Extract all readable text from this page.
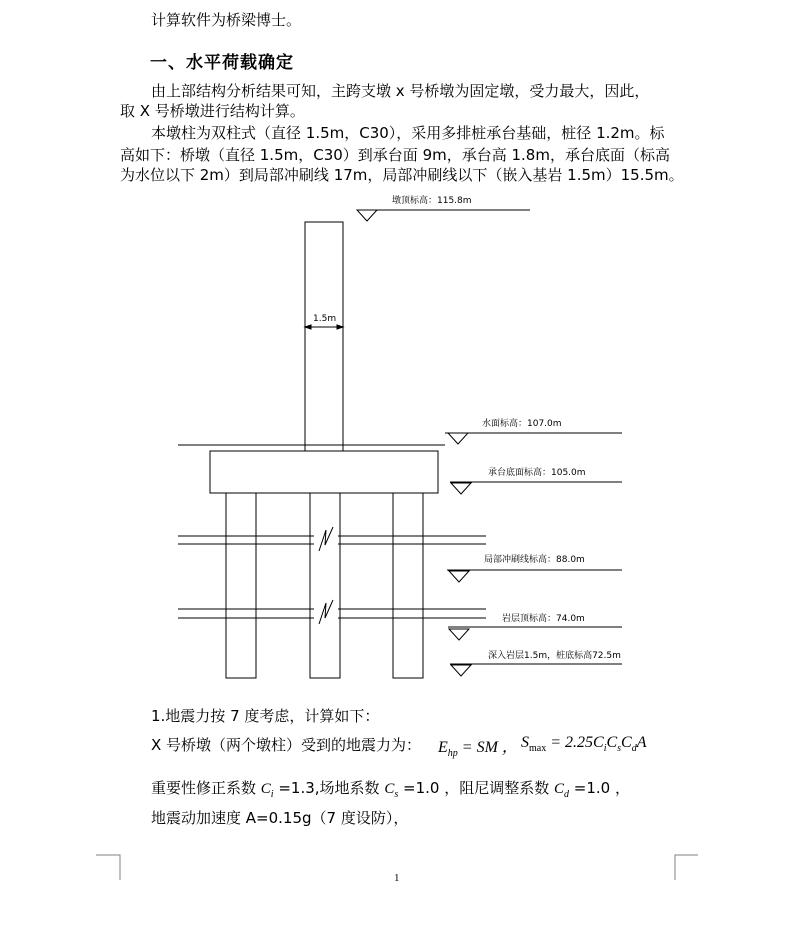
计算软件为桥梁博士。
一、水平荷载确定
由上部结构分析结果可知，主跨支墩 x 号桥墩为固定墩，受力最大，因此，
取 X 号桥墩进行结构计算。
本墩柱为双柱式（直径 1.5m，C30），采用多排桩承台基础，桩径 1.2m。标
高如下：桥墩（直径 1.5m，C30）到承台面 9m，承台高 1.8m，承台底面（标高
为水位以下 2m）到局部冲刷线 17m，局部冲刷线以下（嵌入基岩 1.5m）15.5m。
墩顶标高：115.8m
1.5m
水面标高：107.0m
承台底面标高：105.0m
局部冲刷线标高：88.0m
岩层顶标高：74.0m
深入岩层1.5m，桩底标高72.5m
1.地震力按 7 度考虑，计算如下：
X 号桥墩（两个墩柱）受到的地震力为： $E_{hp}$ = SM ， $S_{max} = 2.25C_iC_sC_dA$
重要性修正系数 $C_i =1.3$,场地系数 $C_s =1.0$ ，阻尼调整系数 $C_d =1.0$ ，
地震动加速度 A=0.15g（7 度设防），
1
